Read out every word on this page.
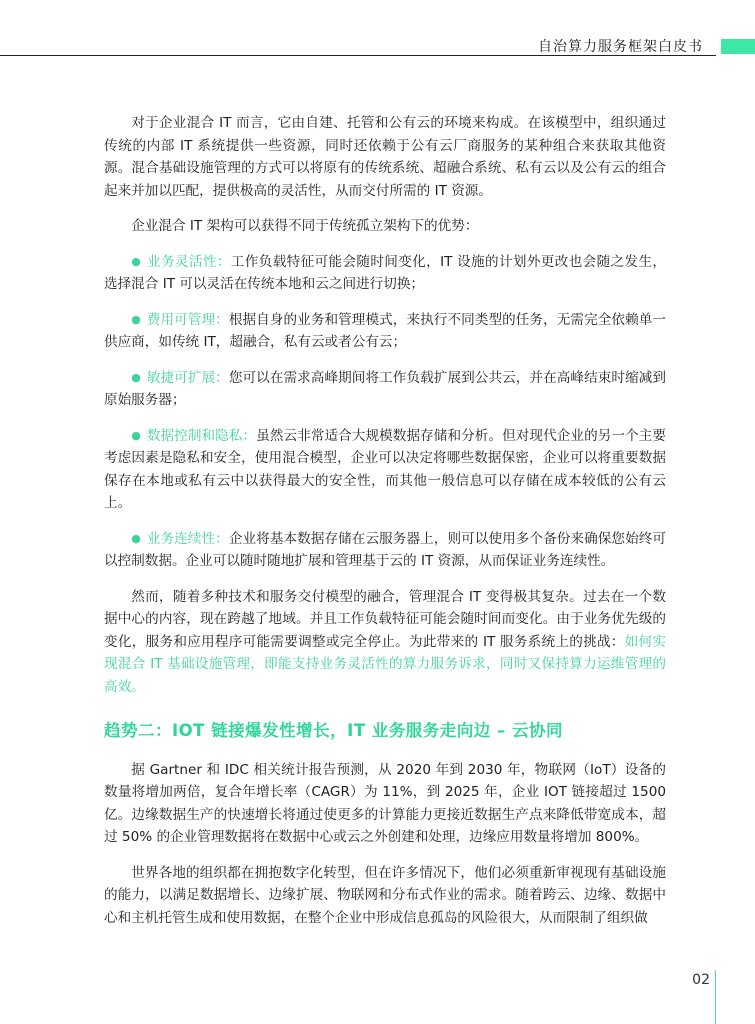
自治算力服务框架白皮书

对于企业混合 IT 而言，它由自建、托管和公有云的环境来构成。在该模型中，组织通过传统的内部 IT 系统提供一些资源，同时还依赖于公有云厂商服务的某种组合来获取其他资源。混合基础设施管理的方式可以将原有的传统系统、超融合系统、私有云以及公有云的组合起来并加以匹配，提供极高的灵活性，从而交付所需的 IT 资源。

企业混合 IT 架构可以获得不同于传统孤立架构下的优势：

● 业务灵活性：工作负载特征可能会随时间变化，IT 设施的计划外更改也会随之发生，选择混合 IT 可以灵活在传统本地和云之间进行切换；

● 费用可管理：根据自身的业务和管理模式，来执行不同类型的任务，无需完全依赖单一供应商，如传统 IT，超融合，私有云或者公有云；

● 敏捷可扩展：您可以在需求高峰期间将工作负载扩展到公共云，并在高峰结束时缩减到原始服务器；

● 数据控制和隐私：虽然云非常适合大规模数据存储和分析。但对现代企业的另一个主要考虑因素是隐私和安全，使用混合模型，企业可以决定将哪些数据保密，企业可以将重要数据保存在本地或私有云中以获得最大的安全性，而其他一般信息可以存储在成本较低的公有云上。

● 业务连续性：企业将基本数据存储在云服务器上，则可以使用多个备份来确保您始终可以控制数据。企业可以随时随地扩展和管理基于云的 IT 资源，从而保证业务连续性。

然而，随着多种技术和服务交付模型的融合，管理混合 IT 变得极其复杂。过去在一个数据中心的内容，现在跨越了地域。并且工作负载特征可能会随时间而变化。由于业务优先级的变化，服务和应用程序可能需要调整或完全停止。为此带来的 IT 服务系统上的挑战：如何实现混合 IT 基础设施管理，即能支持业务灵活性的算力服务诉求，同时又保持算力运维管理的高效。

趋势二：IOT 链接爆发性增长，IT 业务服务走向边 – 云协同

据 Gartner 和 IDC 相关统计报告预测，从 2020 年到 2030 年，物联网（IoT）设备的数量将增加两倍，复合年增长率（CAGR）为 11%，到 2025 年，企业 IOT 链接超过 1500 亿。边缘数据生产的快速增长将通过使更多的计算能力更接近数据生产点来降低带宽成本，超过 50% 的企业管理数据将在数据中心或云之外创建和处理，边缘应用数量将增加 800%。

世界各地的组织都在拥抱数字化转型，但在许多情况下，他们必须重新审视现有基础设施的能力，以满足数据增长、边缘扩展、物联网和分布式作业的需求。随着跨云、边缘、数据中心和主机托管生成和使用数据，在整个企业中形成信息孤岛的风险很大，从而限制了组织做

02
